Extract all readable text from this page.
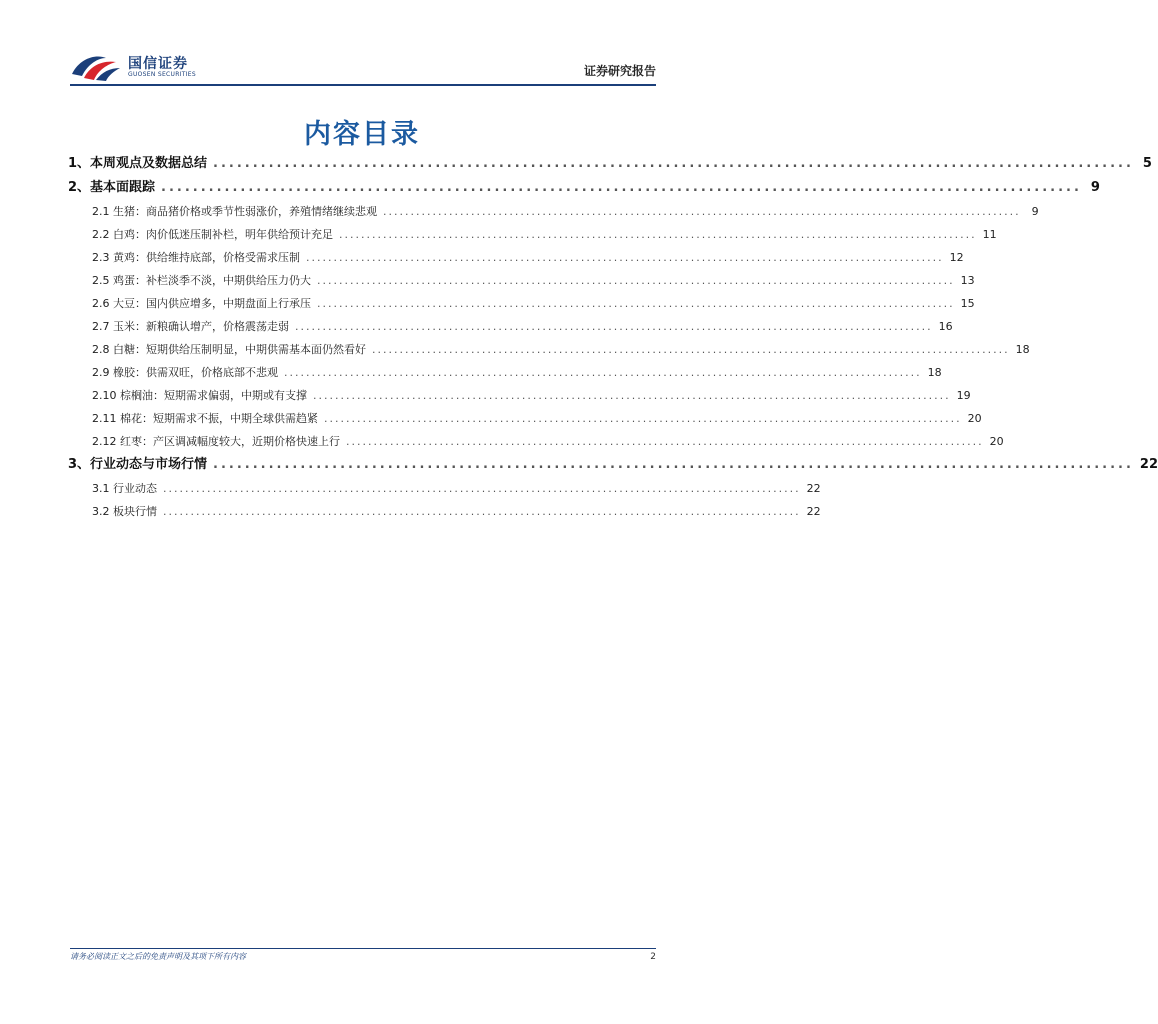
国信证券
GUOSEN SECURITIES	证券研究报告
内容目录
1、本周观点及数据总结 .................................................................................................................... 5
2、基本面跟踪 .................................................................................................................... 9
2.1 生猪：商品猪价格或季节性弱涨价，养殖情绪继续悲观 ....................................................................................................................	9
2.2 白鸡：肉价低迷压制补栏，明年供给预计充足 .................................................................................................................... 11
2.3 黄鸡：供给维持底部，价格受需求压制 .................................................................................................................... 12
2.5 鸡蛋：补栏淡季不淡，中期供给压力仍大 .................................................................................................................... 13
2.6 大豆：国内供应增多，中期盘面上行承压 .................................................................................................................... 15
2.7 玉米：新粮确认增产，价格震荡走弱 .................................................................................................................... 16
2.8 白糖：短期供给压制明显，中期供需基本面仍然看好 .................................................................................................................... 18
2.9 橡胶：供需双旺，价格底部不悲观 .................................................................................................................... 18
2.10 棕榈油：短期需求偏弱，中期或有支撑 .................................................................................................................... 19
2.11 棉花：短期需求不振，中期全球供需趋紧 .................................................................................................................... 20
2.12 红枣：产区调减幅度较大，近期价格快速上行 .................................................................................................................... 20
3、行业动态与市场行情 .................................................................................................................... 22
3.1 行业动态 .................................................................................................................... 22
3.2 板块行情 .................................................................................................................... 22
请务必阅读正文之后的免责声明及其项下所有内容	2
